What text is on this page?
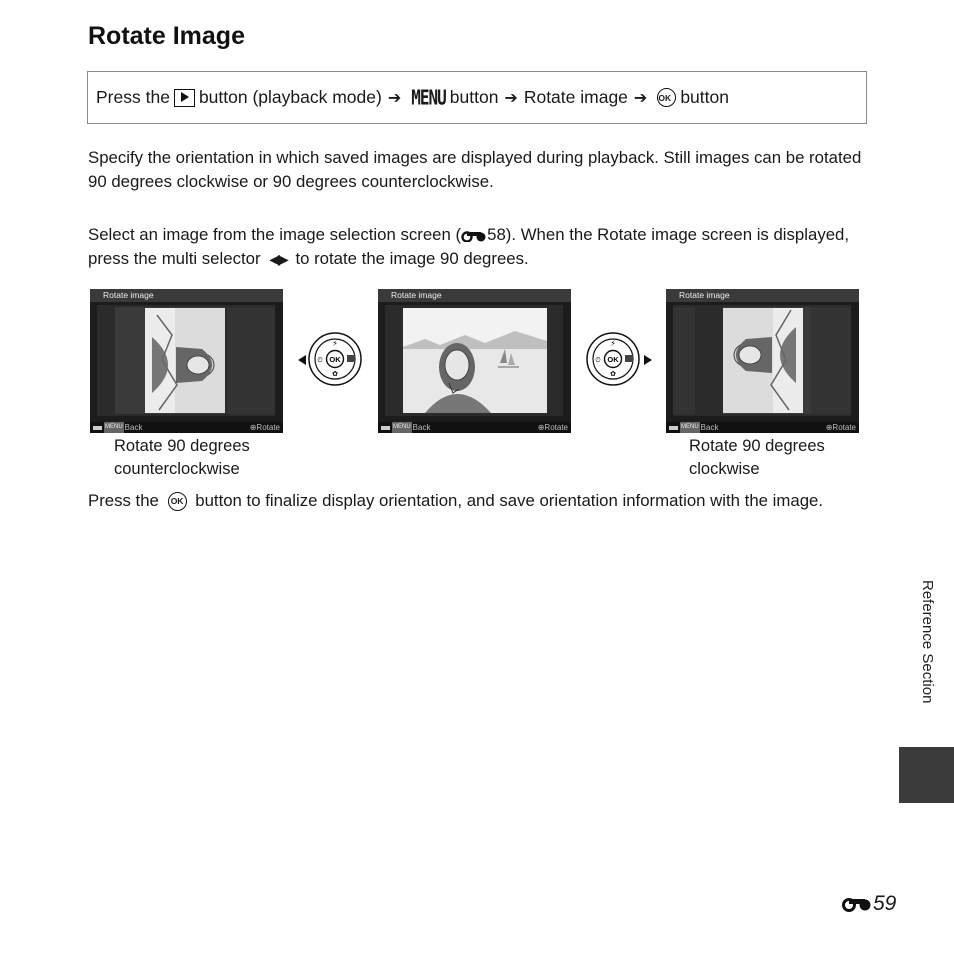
Rotate Image
Press the button (playback mode) ➔ MENU button ➔ Rotate image ➔ OK button

Specify the orientation in which saved images are displayed during playback. Still images can be rotated 90 degrees clockwise or 90 degrees counterclockwise.

Select an image from the image selection screen ( 58). When the Rotate image screen is displayed, press the multi selector ◀▶ to rotate the image 90 degrees.

Rotate image
MENU Back	⊕Rotate
OK
⚡
⏲
✿
Rotate image
MENU Back	⊕Rotate
OK
⚡
⏲
✿
Rotate image
MENU Back	⊕Rotate
Rotate 90 degrees
counterclockwise
Rotate 90 degrees
clockwise

Press the OK button to finalize display orientation, and save orientation information with the image.

Reference Section
59
